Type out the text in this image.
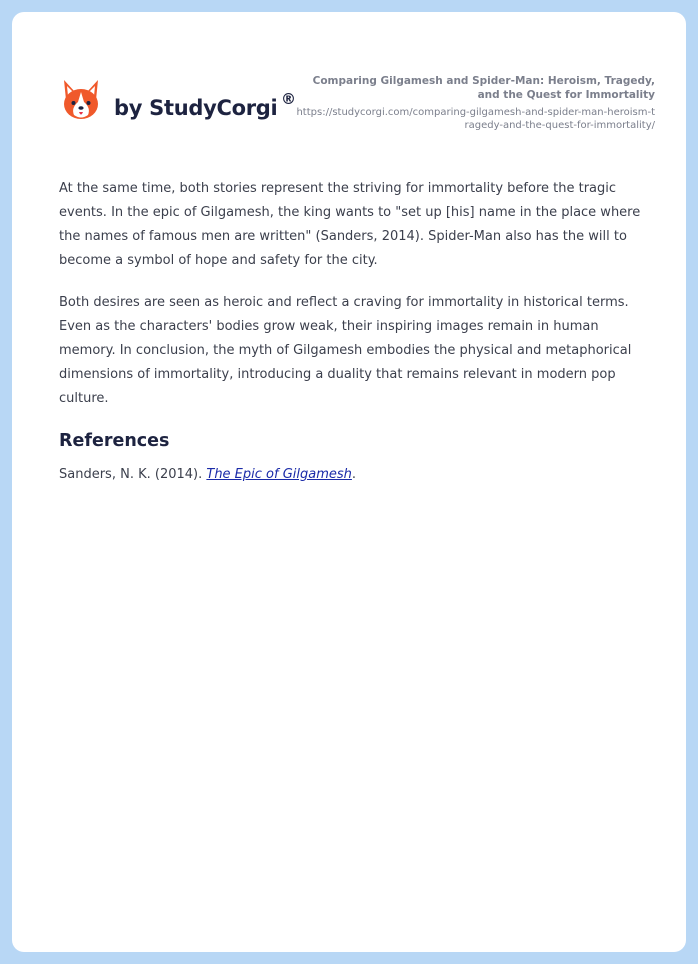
by StudyCorgi ®
Comparing Gilgamesh and Spider-Man: Heroism, Tragedy, and the Quest for Immortality
https://studycorgi.com/comparing-gilgamesh-and-spider-man-heroism-tragedy-and-the-quest-for-immortality/

At the same time, both stories represent the striving for immortality before the tragic events. In the epic of Gilgamesh, the king wants to "set up [his] name in the place where the names of famous men are written" (Sanders, 2014). Spider-Man also has the will to become a symbol of hope and safety for the city.

Both desires are seen as heroic and reflect a craving for immortality in historical terms. Even as the characters' bodies grow weak, their inspiring images remain in human memory. In conclusion, the myth of Gilgamesh embodies the physical and metaphorical dimensions of immortality, introducing a duality that remains relevant in modern pop culture.

References
Sanders, N. K. (2014). The Epic of Gilgamesh.
